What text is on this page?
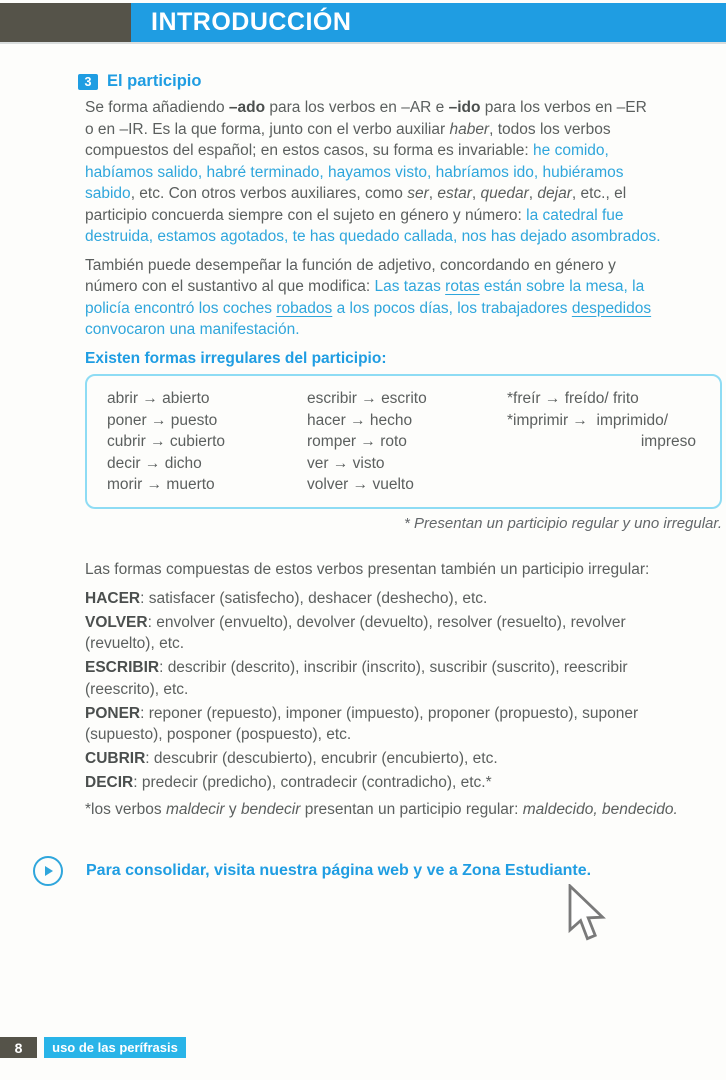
INTRODUCCIÓN
3 El participio

Se forma añadiendo –ado para los verbos en –AR e –ido para los verbos en –ER
o en –IR. Es la que forma, junto con el verbo auxiliar haber, todos los verbos
compuestos del español; en estos casos, su forma es invariable: he comido,
habíamos salido, habré terminado, hayamos visto, habríamos ido, hubiéramos
sabido, etc. Con otros verbos auxiliares, como ser, estar, quedar, dejar, etc., el
participio concuerda siempre con el sujeto en género y número: la catedral fue
destruida, estamos agotados, te has quedado callada, nos has dejado asombrados.

También puede desempeñar la función de adjetivo, concordando en género y
número con el sustantivo al que modifica: Las tazas rotas están sobre la mesa, la
policía encontró los coches robados a los pocos días, los trabajadores despedidos
convocaron una manifestación.

Existen formas irregulares del participio:

abrir → abierto
poner → puesto
cubrir → cubierto
decir → dicho
morir → muerto
escribir → escrito
hacer → hecho
romper → roto
ver → visto
volver → vuelto
*freír → freído/ frito
*imprimir →  imprimido/
impreso

* Presentan un participio regular y uno irregular.

Las formas compuestas de estos verbos presentan también un participio irregular:

HACER: satisfacer (satisfecho), deshacer (deshecho), etc.

VOLVER: envolver (envuelto), devolver (devuelto), resolver (resuelto), revolver
(revuelto), etc.

ESCRIBIR: describir (descrito), inscribir (inscrito), suscribir (suscrito), reescribir
(reescrito), etc.

PONER: reponer (repuesto), imponer (impuesto), proponer (propuesto), suponer
(supuesto), posponer (pospuesto), etc.

CUBRIR: descubrir (descubierto), encubrir (encubierto), etc.

DECIR: predecir (predicho), contradecir (contradicho), etc.*

*los verbos maldecir y bendecir presentan un participio regular: maldecido, bendecido.

Para consolidar, visita nuestra página web y ve a Zona Estudiante.
8	uso de las perífrasis
